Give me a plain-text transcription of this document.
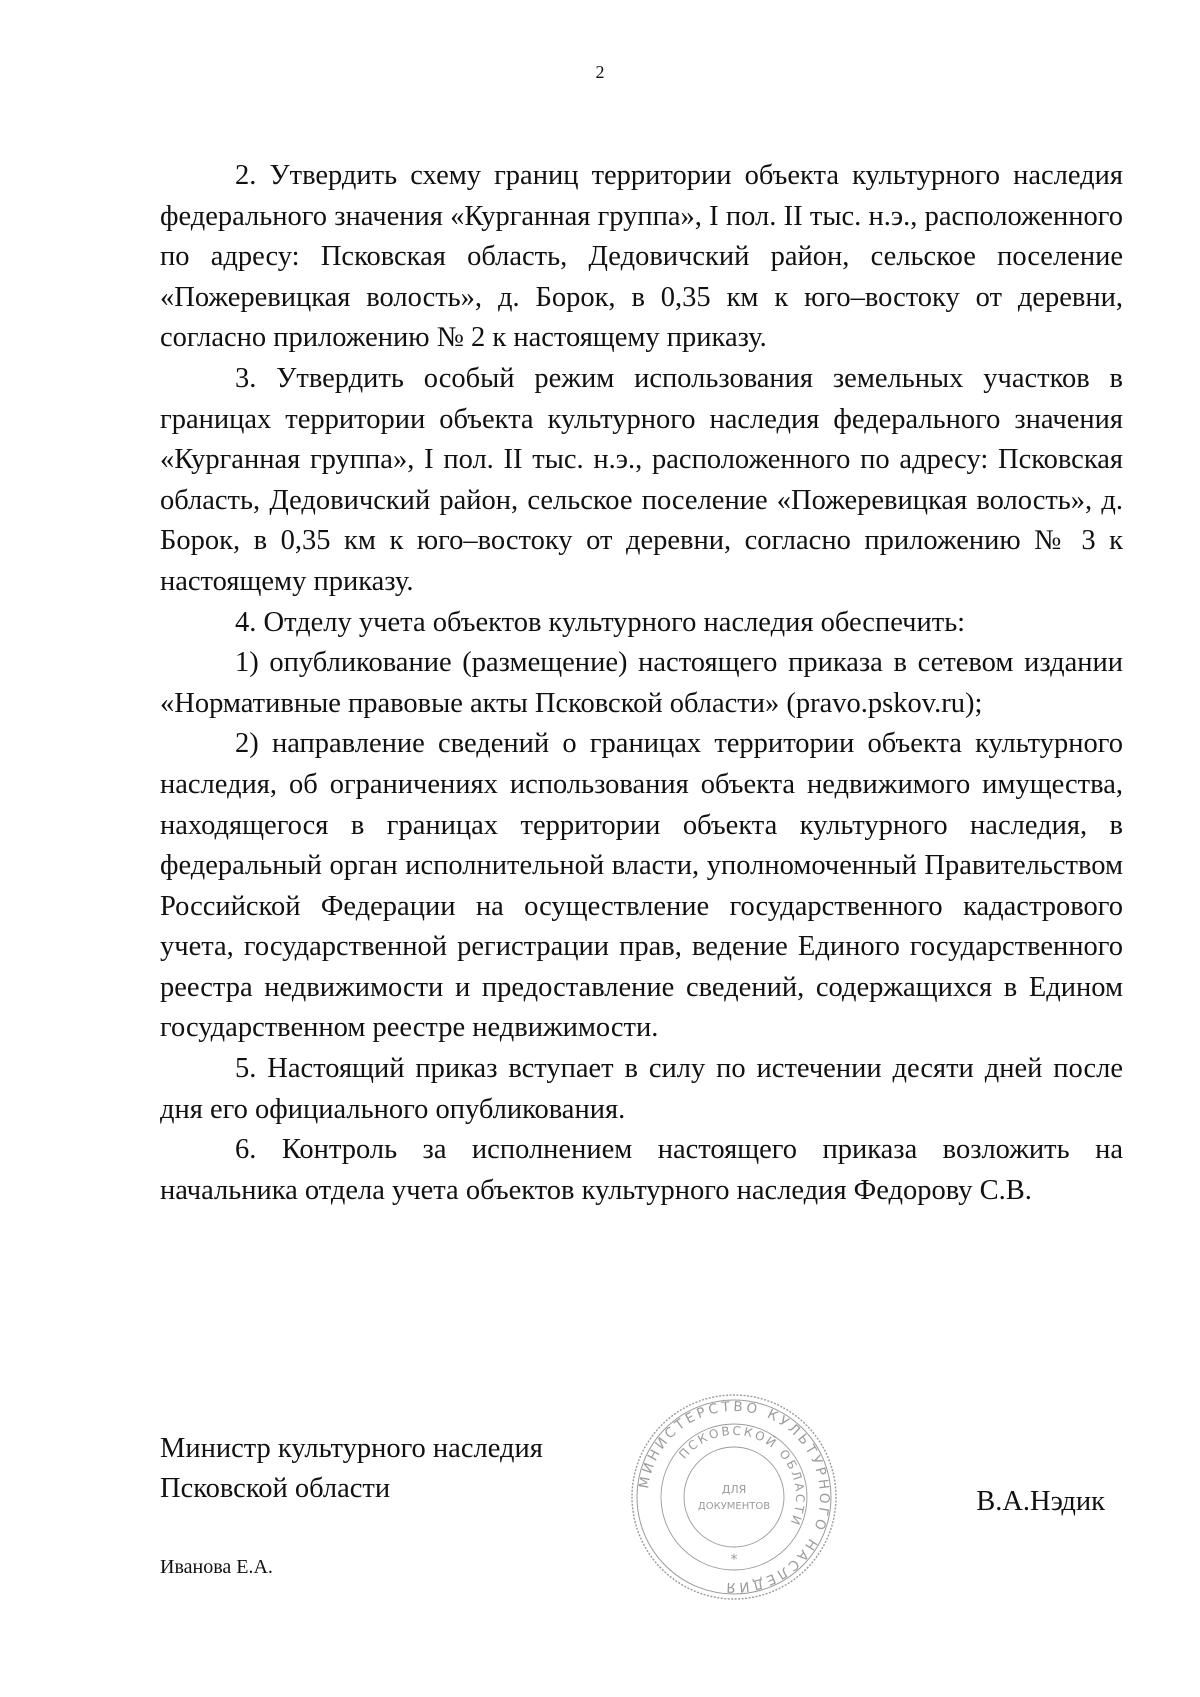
2

2. Утвердить схему границ территории объекта культурного наследия федерального значения «Курганная группа», I пол. II тыс. н.э., расположенного по адресу: Псковская область, Дедовичский район, сельское поселение «Пожеревицкая волость», д. Борок, в 0,35 км к юго–востоку от деревни, согласно приложению № 2 к настоящему приказу.

3. Утвердить особый режим использования земельных участков в границах территории объекта культурного наследия федерального значения «Курганная группа», I пол. II тыс. н.э., расположенного по адресу: Псковская область, Дедовичский район, сельское поселение «Пожеревицкая волость», д. Борок, в 0,35 км к юго–востоку от деревни, согласно приложению № 3 к настоящему приказу.

4. Отделу учета объектов культурного наследия обеспечить:

1) опубликование (размещение) настоящего приказа в сетевом издании «Нормативные правовые акты Псковской области» (pravo.pskov.ru);

2) направление сведений о границах территории объекта культурного наследия, об ограничениях использования объекта недвижимого имущества, находящегося в границах территории объекта культурного наследия, в федеральный орган исполнительной власти, уполномоченный Правительством Российской Федерации на осуществление государственного кадастрового учета, государственной регистрации прав, ведение Единого государственного реестра недвижимости и предоставление сведений, содержащихся в Едином государственном реестре недвижимости.

5. Настоящий приказ вступает в силу по истечении десяти дней после дня его официального опубликования.

6. Контроль за исполнением настоящего приказа возложить на начальника отдела учета объектов культурного наследия Федорову С.В.

Министр культурного наследия
Псковской области	В.А.Нэдик
Иванова Е.А.
МИНИСТЕРСТВО КУЛЬТУРНОГО НАСЛЕДИЯ
ПСКОВСКОЙ ОБЛАСТИ
ДЛЯ
ДОКУМЕНТОВ
*
